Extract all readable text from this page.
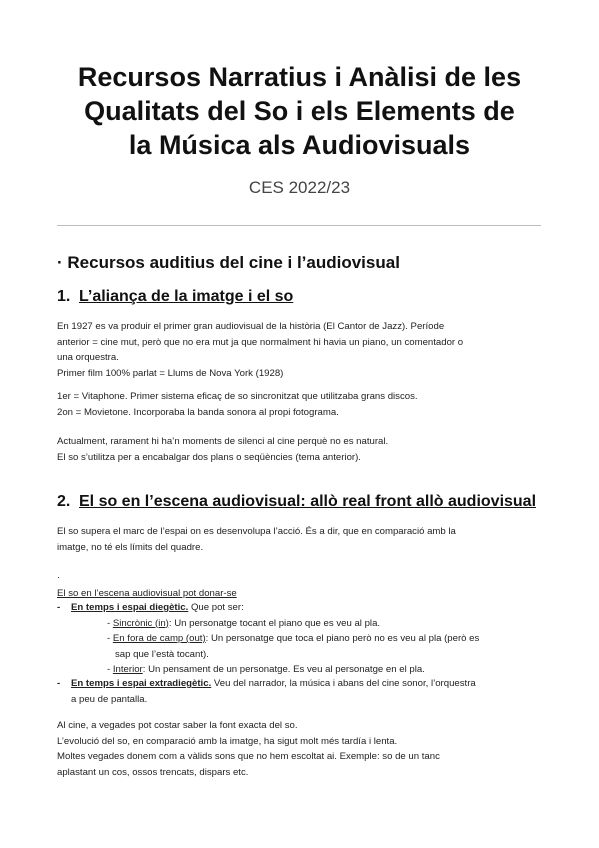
Recursos Narratius i Anàlisi de les
Qualitats del So i els Elements de
la Música als Audiovisuals

CES 2022/23

· Recursos auditius del cine i l’audiovisual
1. L’aliança de la imatge i el so
En 1927 es va produir el primer gran audiovisual de la història (El Cantor de Jazz). Període
anterior = cine mut, però que no era mut ja que normalment hi havia un piano, un comentador o
una orquestra.
Primer film 100% parlat = Llums de Nova York (1928)
1er = Vitaphone. Primer sistema eficaç de so sincronitzat que utilitzaba grans discos.
2on = Movietone. Incorporaba la banda sonora al propi fotograma.
Actualment, rarament hi ha’n moments de silenci al cine perquè no es natural.
El so s’utilitza per a encabalgar dos plans o seqüències (tema anterior).
2. El so en l’escena audiovisual: allò real front allò audiovisual
El so supera el marc de l’espai on es desenvolupa l’acció. És a dir, que en comparació amb la
imatge, no té els límits del quadre.
·
El so en l’escena audiovisual pot donar-se
- En temps i espai diegètic. Que pot ser:
- Sincrònic (in): Un personatge tocant el piano que es veu al pla.
- En fora de camp (out): Un personatge que toca el piano però no es veu al pla (però es
sap que l’està tocant).
- Interior: Un pensament de un personatge. Es veu al personatge en el pla.
- En temps i espai extradiegètic. Veu del narrador, la música i abans del cine sonor, l’orquestra
a peu de pantalla.
Al cine, a vegades pot costar saber la font exacta del so.
L’evolució del so, en comparació amb la imatge, ha sigut molt més tardía i lenta.
Moltes vegades donem com a vàlids sons que no hem escoltat ai. Exemple: so de un tanc
aplastant un cos, ossos trencats, dispars etc.
